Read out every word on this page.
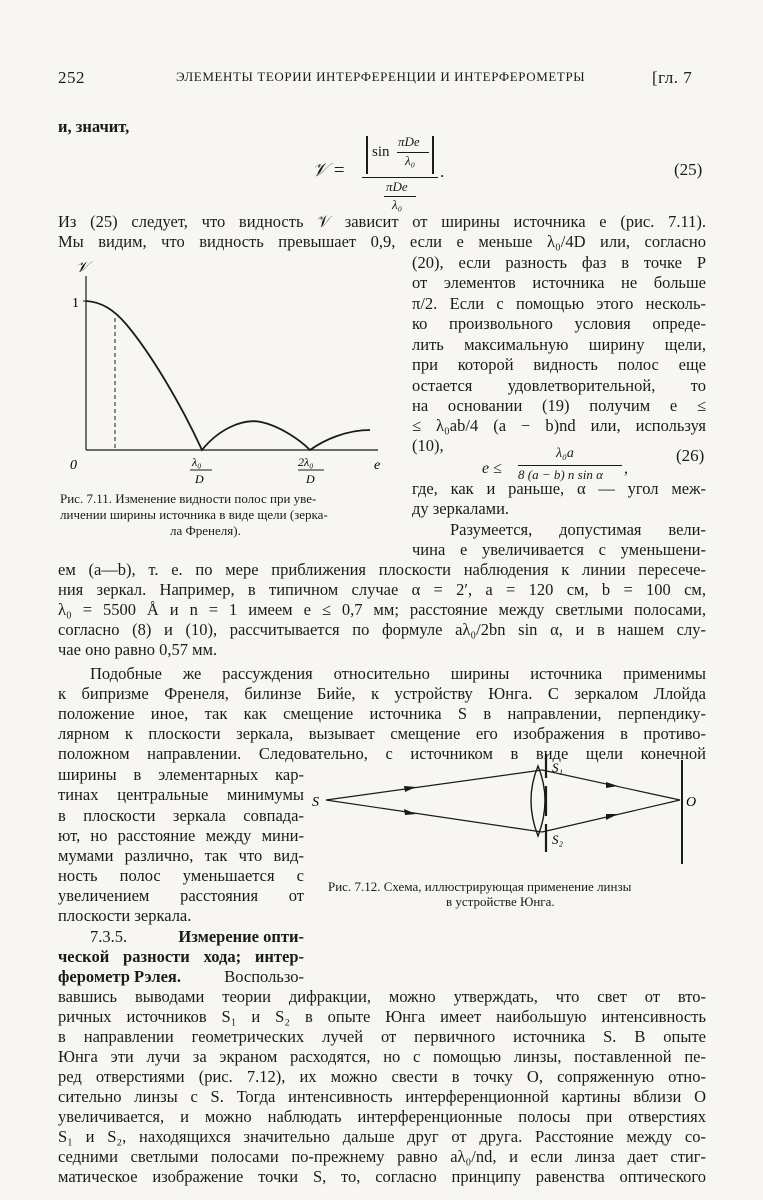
252	ЭЛЕМЕНТЫ ТЕОРИИ ИНТЕРФЕРЕНЦИИ И ИНТЕРФЕРОМЕТРЫ	[гл. 7
и, значит,
𝒱 =
sin
πDe
λ₀
πDe
λ₀
.	(25)
Из (25) следует, что видность 𝒱 зависит от ширины источника e (рис. 7.11).
Мы видим, что видность превышает 0,9, если e меньше λ₀/4D или, согласно
𝒱
1
0	λ₀
D
2λ₀
D
e
Рис. 7.11. Изменение видности полос при уве-
личении ширины источника в виде щели (зерка-
ла Френеля).
(20), если разность фаз в точке P
от элементов источника не больше
π/2. Если с помощью этого несколь-
ко произвольного условия опреде-
лить максимальную ширину щели,
при которой видность полос еще
остается удовлетворительной, то
на основании (19) получим e ≤
≤ λ₀ab/4 (a − b)nd или, используя
(10),
e ≤
λ₀a
8 (a − b) n sin α ,
(26)
где, как и раньше, α — угол меж-
ду зеркалами.
Разумеется, допустимая вели-
чина e увеличивается с уменьшени-
ем (a—b), т. е. по мере приближения плоскости наблюдения к линии пересече-
ния зеркал. Например, в типичном случае α = 2′, a = 120 см, b = 100 см,
λ₀ = 5500 Å и n = 1 имеем e ≤ 0,7 мм; расстояние между светлыми полосами,
согласно (8) и (10), рассчитывается по формуле aλ₀/2bn sin α, и в нашем слу-
чае оно равно 0,57 мм.
Подобные же рассуждения относительно ширины источника применимы
к бипризме Френеля, билинзе Бийе, к устройству Юнга. С зеркалом Ллойда
положение иное, так как смещение источника S в направлении, перпендику-
лярном к плоскости зеркала, вызывает смещение его изображения в противо-
положном направлении. Следовательно, с источником в виде щели конечной
ширины в элементарных кар-
тинах центральные минимумы
в плоскости зеркала совпада-
ют, но расстояние между мини-
мумами различно, так что вид-
ность полос уменьшается с
увеличением расстояния от
плоскости зеркала.
7.3.5.	Измерение опти-
ческой разности хода; интер-
ферометр Рэлея.	Воспользо-
S
S₁
S₂
O
Рис. 7.12. Схема, иллюстрирующая применение линзы
в устройстве Юнга.
вавшись выводами теории дифракции, можно утверждать, что свет от вто-
ричных источников S₁ и S₂ в опыте Юнга имеет наибольшую интенсивность
в направлении геометрических лучей от первичного источника S. В опыте
Юнга эти лучи за экраном расходятся, но с помощью линзы, поставленной пе-
ред отверстиями (рис. 7.12), их можно свести в точку O, сопряженную отно-
сительно линзы с S. Тогда интенсивность интерференционной картины вблизи O
увеличивается, и можно наблюдать интерференционные полосы при отверстиях
S₁ и S₂, находящихся значительно дальше друг от друга. Расстояние между со-
седними светлыми полосами по-прежнему равно aλ₀/nd, и если линза дает стиг-
матическое изображение точки S, то, согласно принципу равенства оптического
